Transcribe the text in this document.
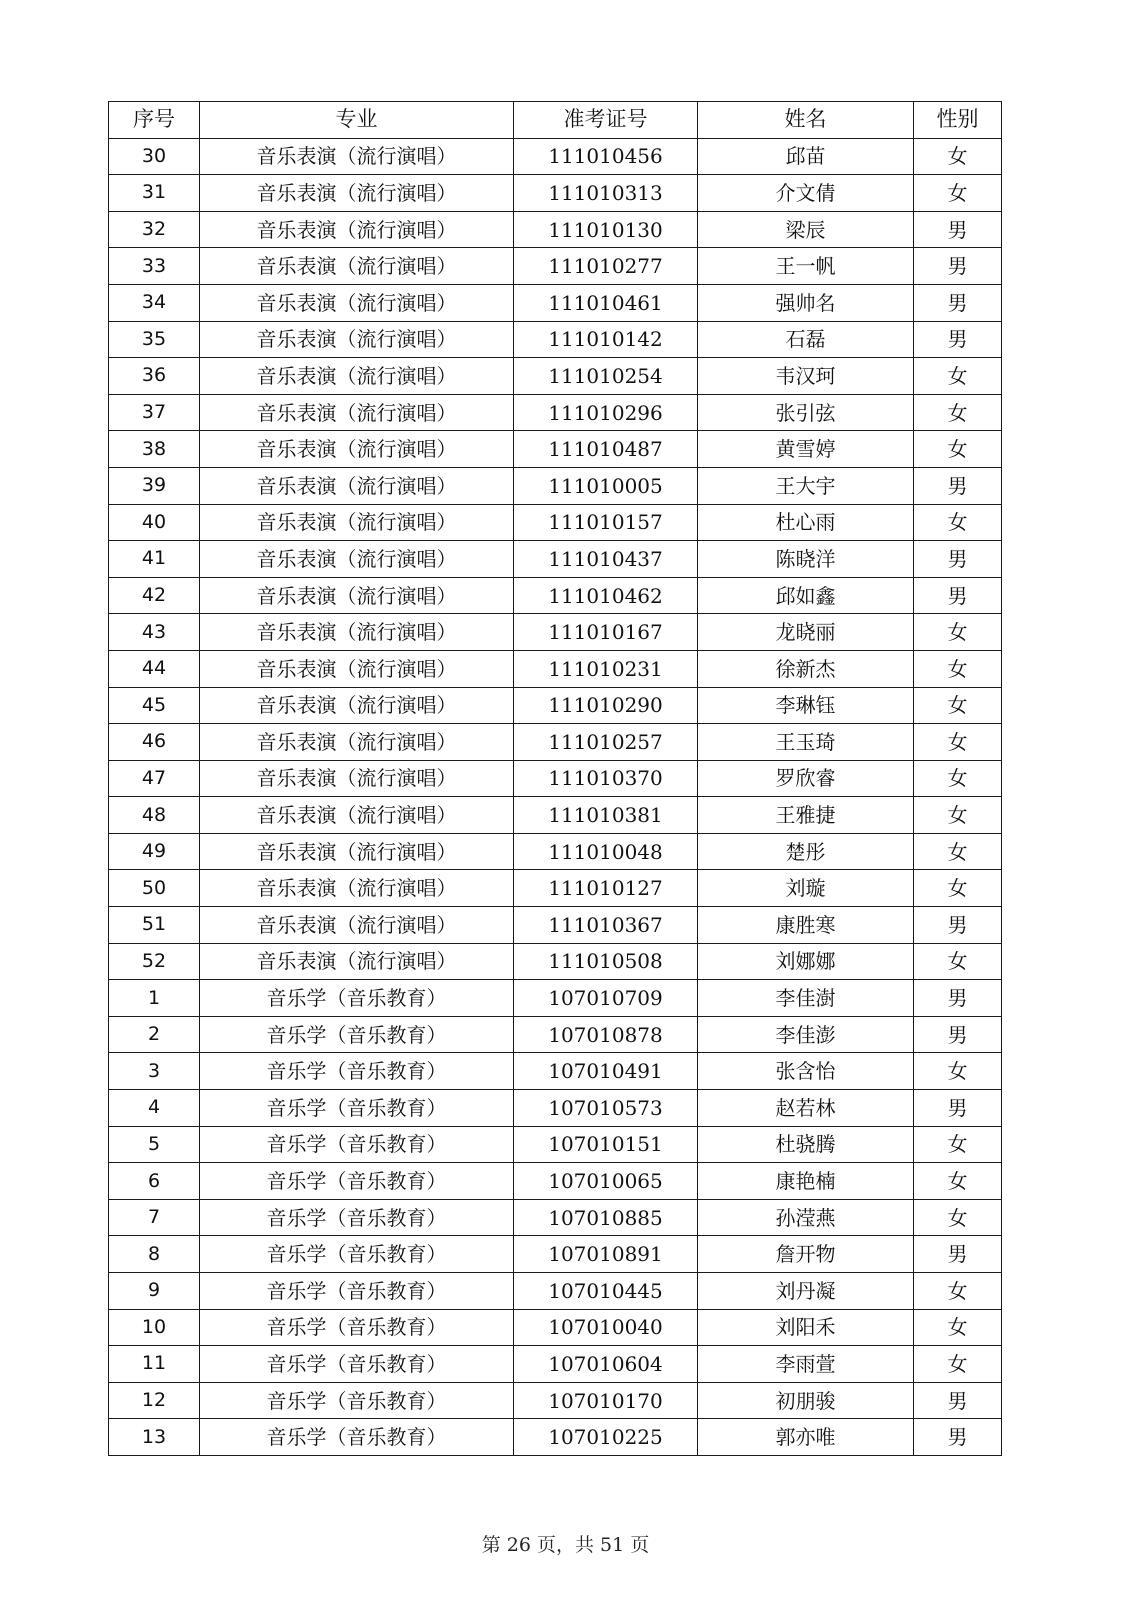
序号	专业	准考证号	姓名	性别
30	音乐表演（流行演唱）	111010456	邱苗	女
31	音乐表演（流行演唱）	111010313	介文倩	女
32	音乐表演（流行演唱）	111010130	梁辰	男
33	音乐表演（流行演唱）	111010277	王一帆	男
34	音乐表演（流行演唱）	111010461	强帅名	男
35	音乐表演（流行演唱）	111010142	石磊	男
36	音乐表演（流行演唱）	111010254	韦汉珂	女
37	音乐表演（流行演唱）	111010296	张引弦	女
38	音乐表演（流行演唱）	111010487	黄雪婷	女
39	音乐表演（流行演唱）	111010005	王大宇	男
40	音乐表演（流行演唱）	111010157	杜心雨	女
41	音乐表演（流行演唱）	111010437	陈晓洋	男
42	音乐表演（流行演唱）	111010462	邱如鑫	男
43	音乐表演（流行演唱）	111010167	龙晓丽	女
44	音乐表演（流行演唱）	111010231	徐新杰	女
45	音乐表演（流行演唱）	111010290	李琳钰	女
46	音乐表演（流行演唱）	111010257	王玉琦	女
47	音乐表演（流行演唱）	111010370	罗欣睿	女
48	音乐表演（流行演唱）	111010381	王雅捷	女
49	音乐表演（流行演唱）	111010048	楚彤	女
50	音乐表演（流行演唱）	111010127	刘璇	女
51	音乐表演（流行演唱）	111010367	康胜寒	男
52	音乐表演（流行演唱）	111010508	刘娜娜	女
1	音乐学（音乐教育）	107010709	李佳澍	男
2	音乐学（音乐教育）	107010878	李佳澎	男
3	音乐学（音乐教育）	107010491	张含怡	女
4	音乐学（音乐教育）	107010573	赵若林	男
5	音乐学（音乐教育）	107010151	杜骁腾	女
6	音乐学（音乐教育）	107010065	康艳楠	女
7	音乐学（音乐教育）	107010885	孙滢燕	女
8	音乐学（音乐教育）	107010891	詹开物	男
9	音乐学（音乐教育）	107010445	刘丹凝	女
10	音乐学（音乐教育）	107010040	刘阳禾	女
11	音乐学（音乐教育）	107010604	李雨萱	女
12	音乐学（音乐教育）	107010170	初朋骏	男
13	音乐学（音乐教育）	107010225	郭亦唯	男
第 26 页，共 51 页
